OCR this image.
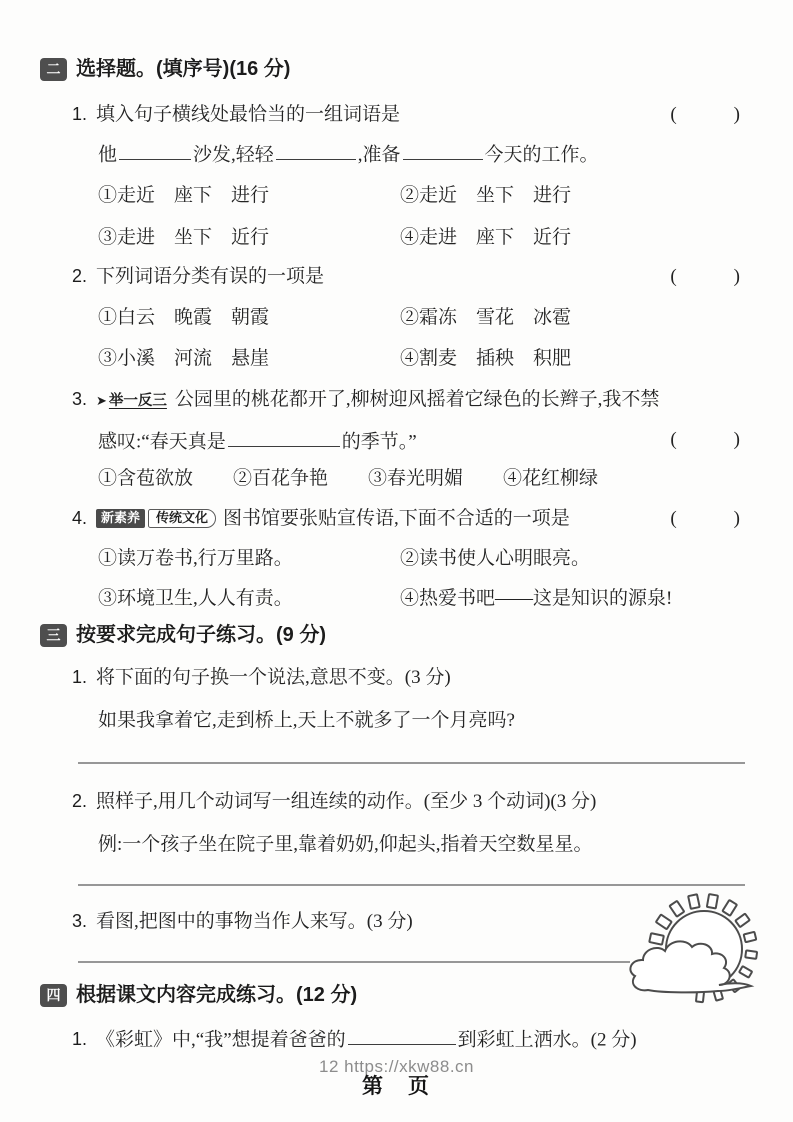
二 选择题。(填序号)(16 分)
1. 填入句子横线处最恰当的一组词语是	(　　　)
他	沙发,轻轻	,准备	今天的工作。
①走近　座下　进行	②走近　坐下　进行
③走进　坐下　近行	④走进　座下　近行
2. 下列词语分类有误的一项是	(　　　)
①白云　晚霞　朝霞	②霜冻　雪花　冰雹
③小溪　河流　悬崖	④割麦　插秧　积肥
3. ➤ 举一反三 公园里的桃花都开了,柳树迎风摇着它绿色的长辫子,我不禁
感叹:“春天真是	的季节。”	(　　　)
①含苞欲放 ②百花争艳 ③春光明媚 ④花红柳绿
4. 新素养 传统文化 图书馆要张贴宣传语,下面不合适的一项是	(　　　)
①读万卷书,行万里路。	②读书使人心明眼亮。
③环境卫生,人人有责。	④热爱书吧——这是知识的源泉!
三 按要求完成句子练习。(9 分)
1. 将下面的句子换一个说法,意思不变。(3 分)
如果我拿着它,走到桥上,天上不就多了一个月亮吗?
2. 照样子,用几个动词写一组连续的动作。(至少 3 个动词)(3 分)
例:一个孩子坐在院子里,靠着奶奶,仰起头,指着天空数星星。
3. 看图,把图中的事物当作人来写。(3 分)
四 根据课文内容完成练习。(12 分)
1. 《彩虹》中,“我”想提着爸爸的	到彩虹上洒水。(2 分)
12 https://xkw88.cn
第　页
